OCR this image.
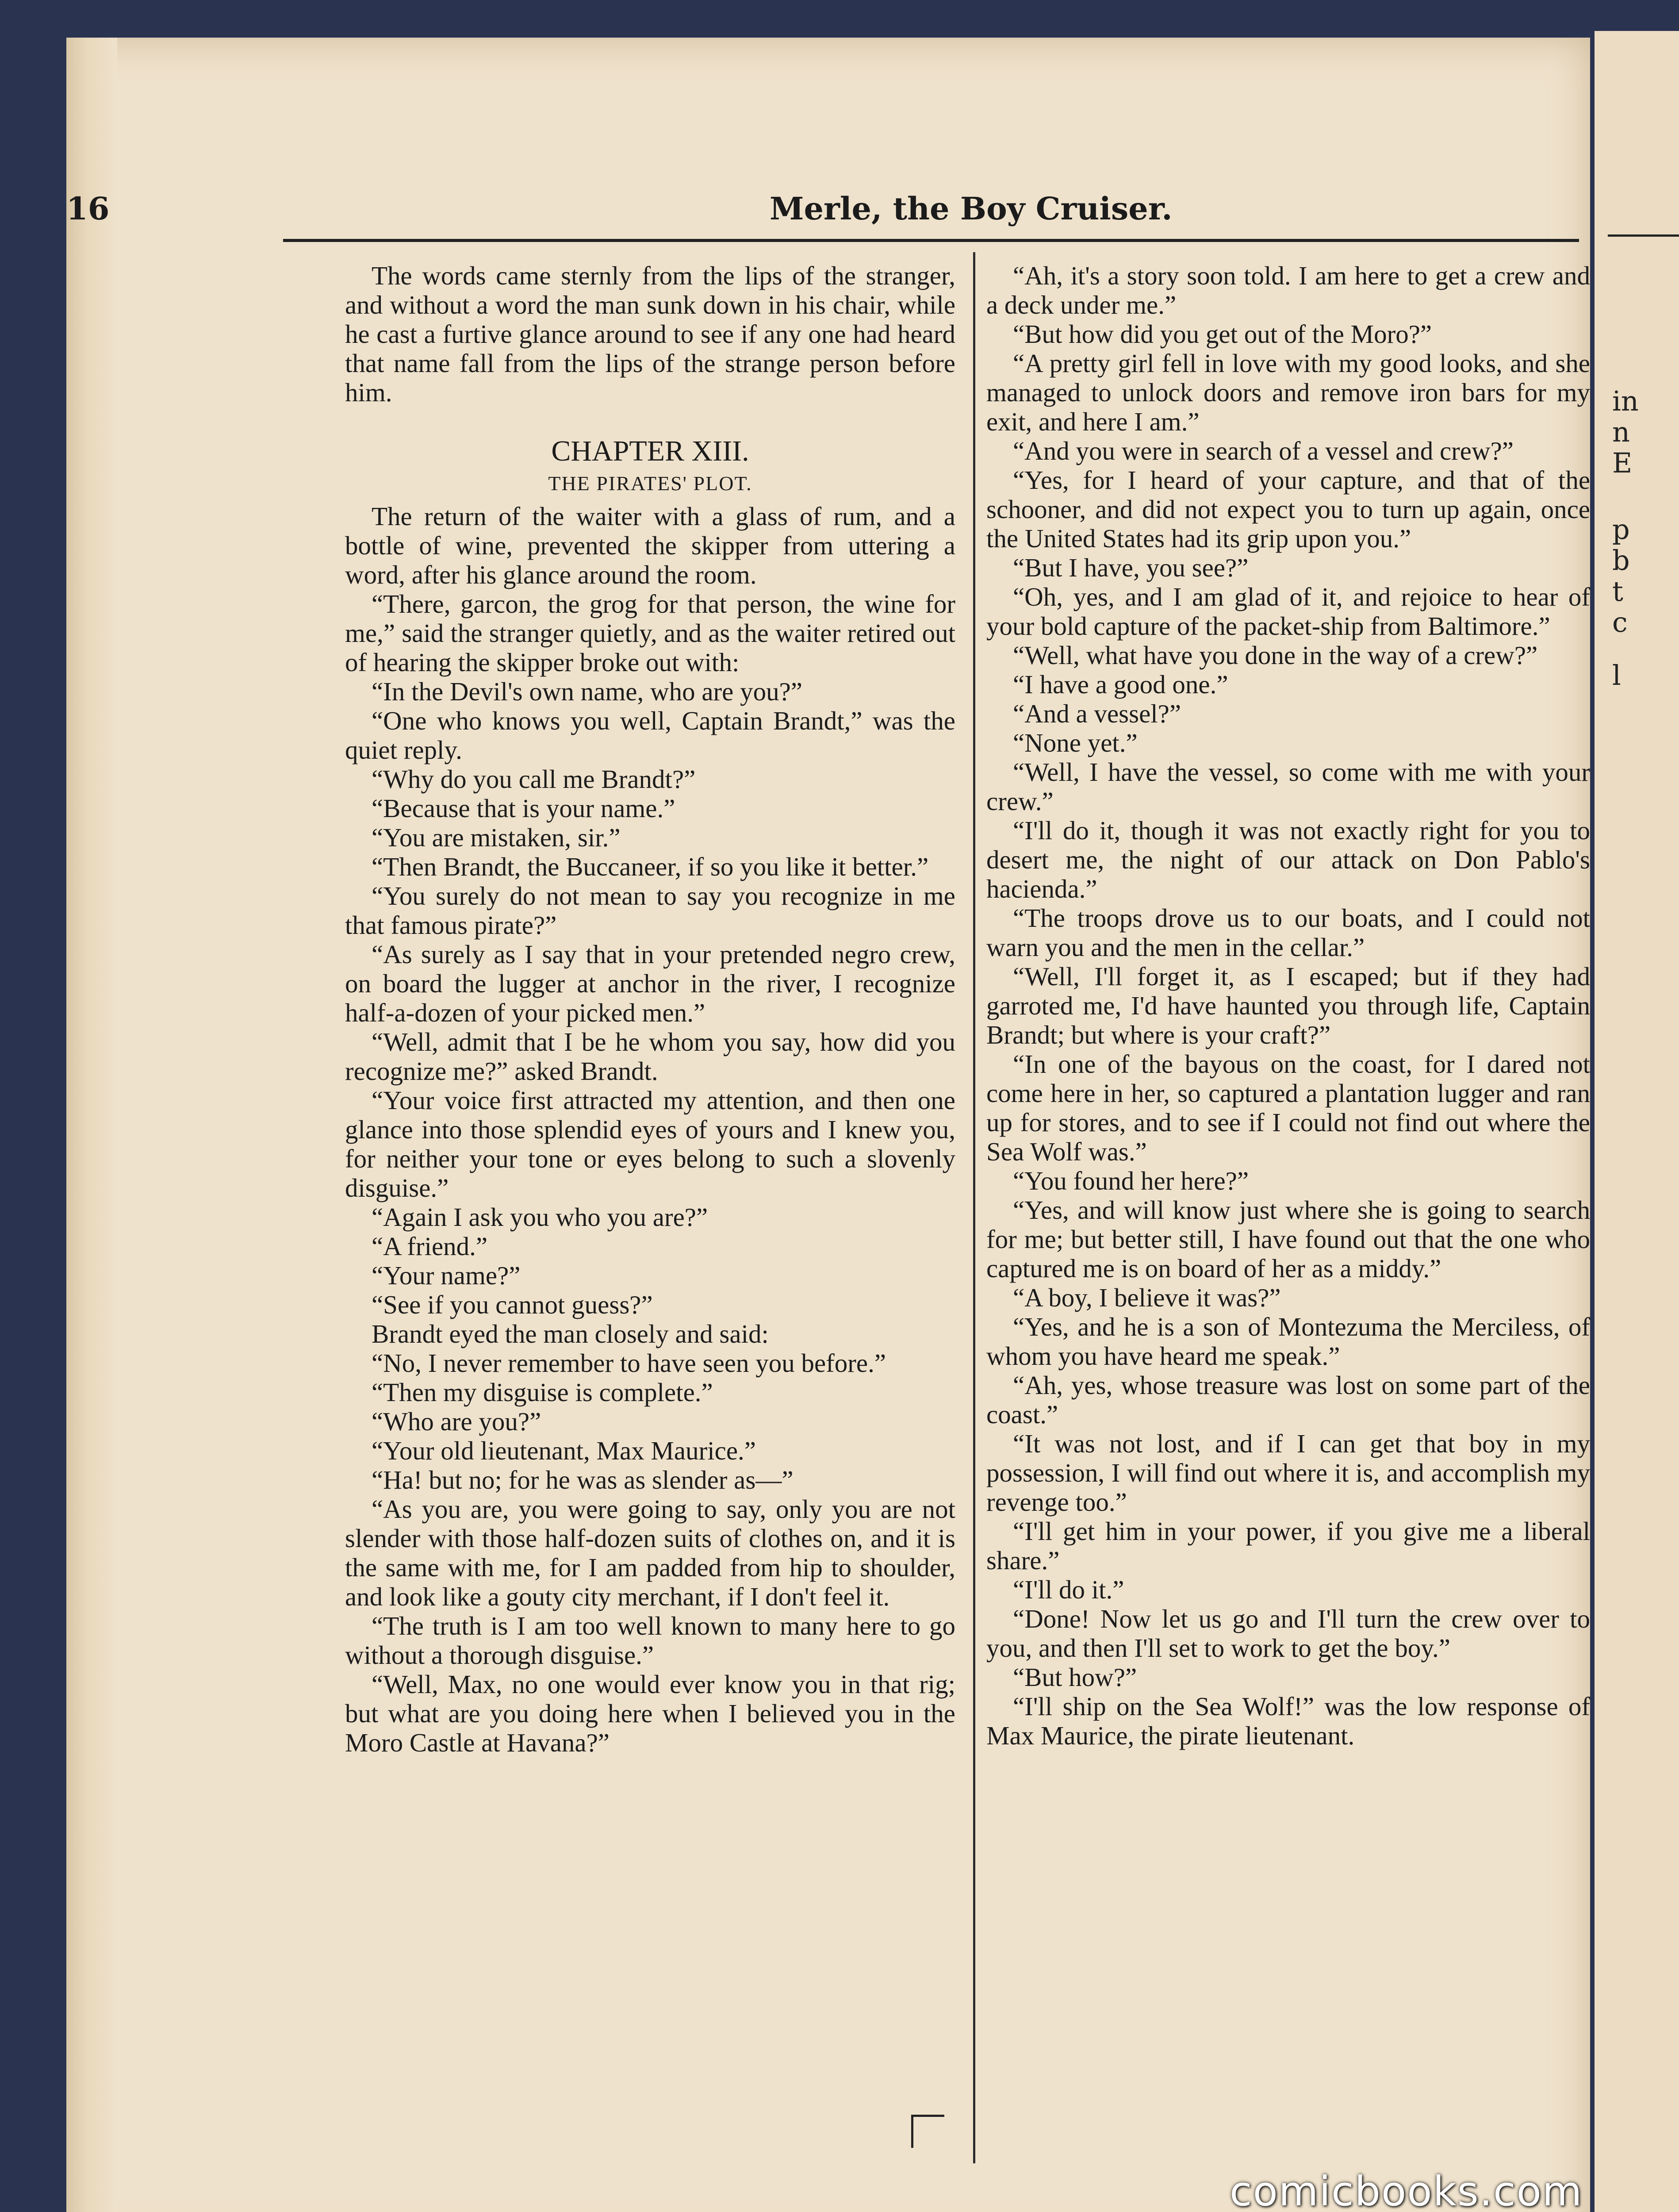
in
n
E
p
b
t
c
l
16	Merle, the Boy Cruiser.

The words came sternly from the lips of the stranger, and without a word the man sunk down in his chair, while he cast a furtive glance around to see if any one had heard that name fall from the lips of the strange person before him.

CHAPTER XIII.

THE PIRATES' PLOT.

The return of the waiter with a glass of rum, and a bottle of wine, prevented the skipper from uttering a word, after his glance around the room.

“There, garcon, the grog for that person, the wine for me,” said the stranger quietly, and as the waiter retired out of hearing the skipper broke out with:

“In the Devil's own name, who are you?”

“One who knows you well, Captain Brandt,” was the quiet reply.

“Why do you call me Brandt?”

“Because that is your name.”

“You are mistaken, sir.”

“Then Brandt, the Buccaneer, if so you like it better.”

“You surely do not mean to say you recognize in me that famous pirate?”

“As surely as I say that in your pretended negro crew, on board the lugger at anchor in the river, I recognize half-a-dozen of your picked men.”

“Well, admit that I be he whom you say, how did you recognize me?” asked Brandt.

“Your voice first attracted my attention, and then one glance into those splendid eyes of yours and I knew you, for neither your tone or eyes belong to such a slovenly disguise.”

“Again I ask you who you are?”

“A friend.”

“Your name?”

“See if you cannot guess?”

Brandt eyed the man closely and said:

“No, I never remember to have seen you before.”

“Then my disguise is complete.”

“Who are you?”

“Your old lieutenant, Max Maurice.”

“Ha! but no; for he was as slender as—”

“As you are, you were going to say, only you are not slender with those half-dozen suits of clothes on, and it is the same with me, for I am padded from hip to shoulder, and look like a gouty city merchant, if I don't feel it.

“The truth is I am too well known to many here to go without a thorough disguise.”

“Well, Max, no one would ever know you in that rig; but what are you doing here when I believed you in the Moro Castle at Havana?”

“Ah, it's a story soon told. I am here to get a crew and a deck under me.”

“But how did you get out of the Moro?”

“A pretty girl fell in love with my good looks, and she managed to unlock doors and remove iron bars for my exit, and here I am.”

“And you were in search of a vessel and crew?”

“Yes, for I heard of your capture, and that of the schooner, and did not expect you to turn up again, once the United States had its grip upon you.”

“But I have, you see?”

“Oh, yes, and I am glad of it, and rejoice to hear of your bold capture of the packet-ship from Baltimore.”

“Well, what have you done in the way of a crew?”

“I have a good one.”

“And a vessel?”

“None yet.”

“Well, I have the vessel, so come with me with your crew.”

“I'll do it, though it was not exactly right for you to desert me, the night of our attack on Don Pablo's hacienda.”

“The troops drove us to our boats, and I could not warn you and the men in the cellar.”

“Well, I'll forget it, as I escaped; but if they had garroted me, I'd have haunted you through life, Captain Brandt; but where is your craft?”

“In one of the bayous on the coast, for I dared not come here in her, so captured a plantation lugger and ran up for stores, and to see if I could not find out where the Sea Wolf was.”

“You found her here?”

“Yes, and will know just where she is going to search for me; but better still, I have found out that the one who captured me is on board of her as a middy.”

“A boy, I believe it was?”

“Yes, and he is a son of Montezuma the Merciless, of whom you have heard me speak.”

“Ah, yes, whose treasure was lost on some part of the coast.”

“It was not lost, and if I can get that boy in my possession, I will find out where it is, and accomplish my revenge too.”

“I'll get him in your power, if you give me a liberal share.”

“I'll do it.”

“Done! Now let us go and I'll turn the crew over to you, and then I'll set to work to get the boy.”

“But how?”

“I'll ship on the Sea Wolf!” was the low response of Max Maurice, the pirate lieutenant.

comicbooks.com
